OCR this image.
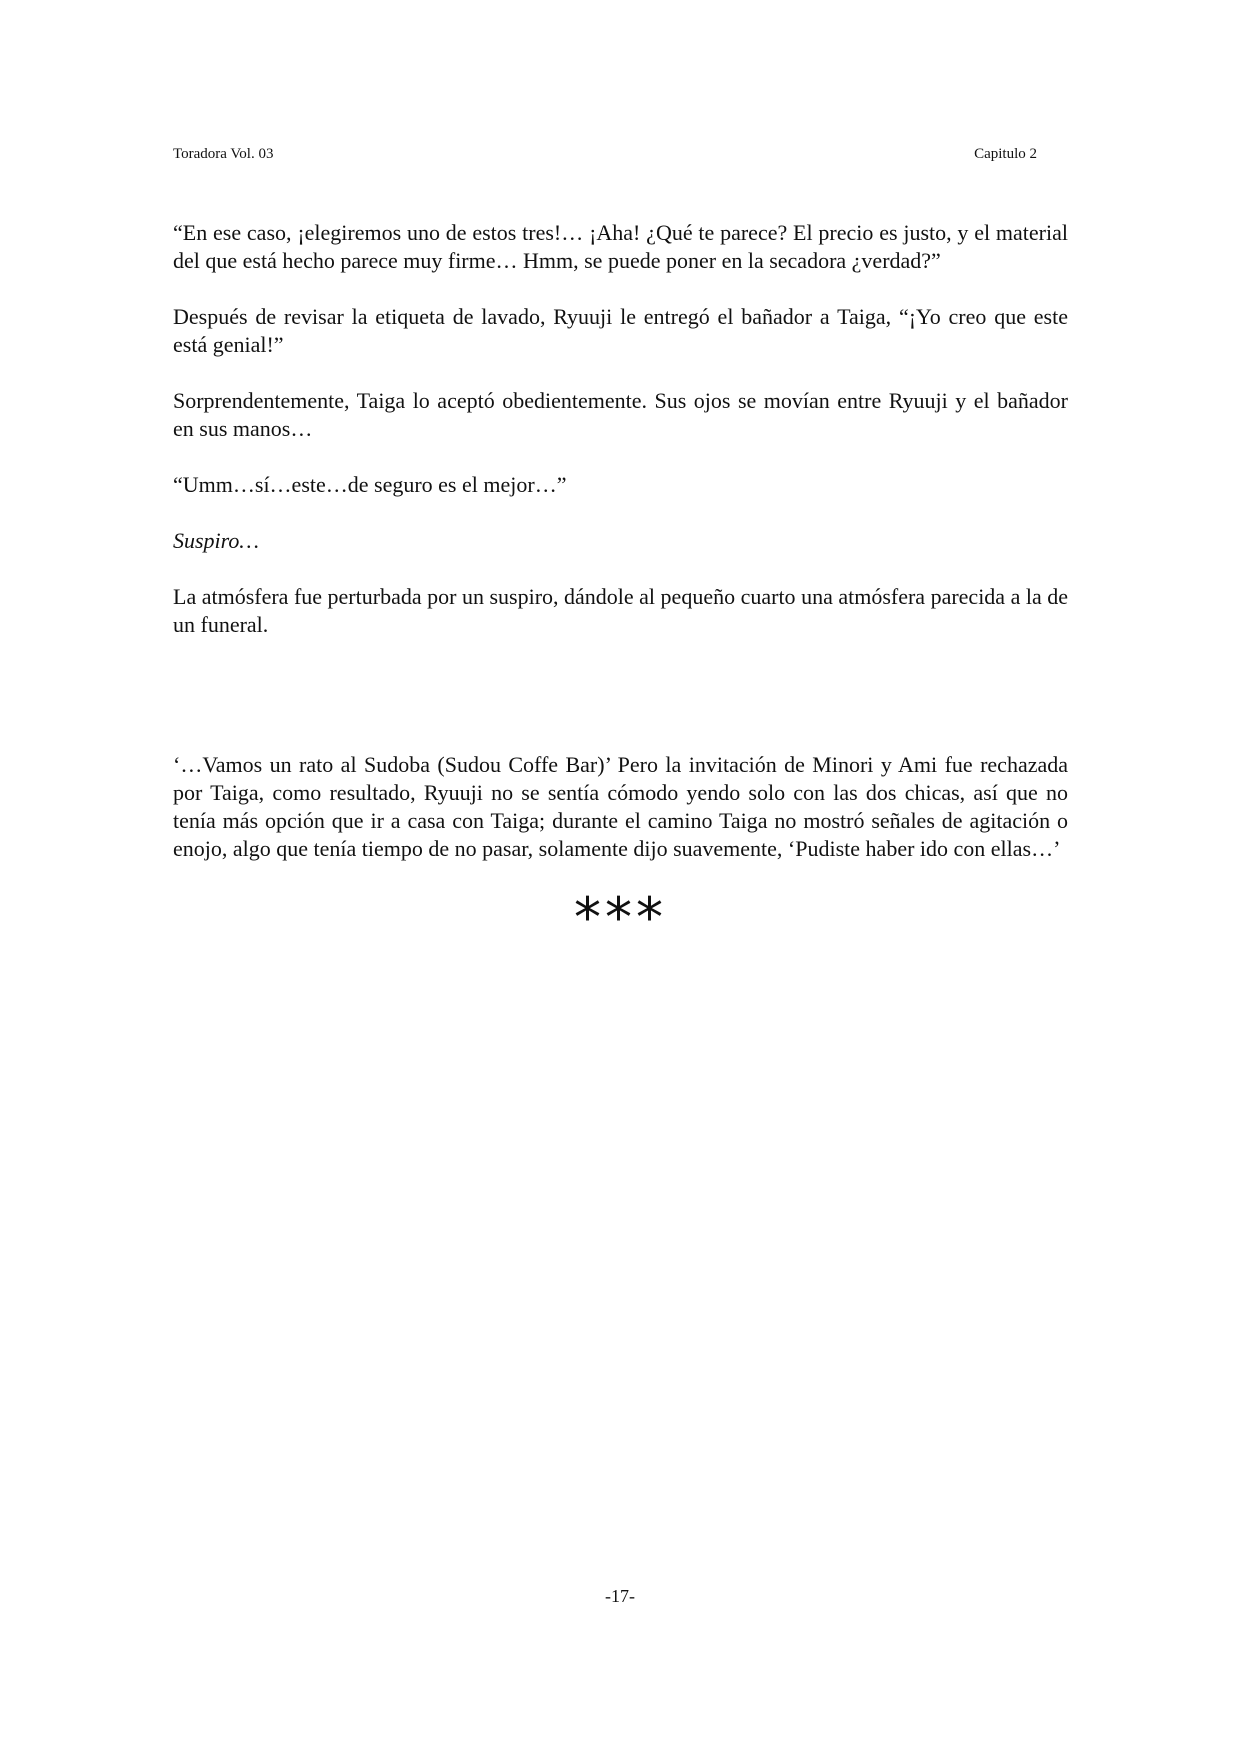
Toradora Vol. 03	Capitulo 2

“En ese caso, ¡elegiremos uno de estos tres!… ¡Aha! ¿Qué te parece? El precio es justo, y el material del que está hecho parece muy firme… Hmm, se puede poner en la secadora ¿verdad?”

Después de revisar la etiqueta de lavado, Ryuuji le entregó el bañador a Taiga, “¡Yo creo que este está genial!”

Sorprendentemente, Taiga lo aceptó obedientemente. Sus ojos se movían entre Ryuuji y el bañador en sus manos…

“Umm…sí…este…de seguro es el mejor…”

Suspiro…

La atmósfera fue perturbada por un suspiro, dándole al pequeño cuarto una atmósfera parecida a la de un funeral.

‘…Vamos un rato al Sudoba (Sudou Coffe Bar)’ Pero la invitación de Minori y Ami fue rechazada por Taiga, como resultado, Ryuuji no se sentía cómodo yendo solo con las dos chicas, así que no tenía más opción que ir a casa con Taiga; durante el camino Taiga no mostró señales de agitación o enojo, algo que tenía tiempo de no pasar, solamente dijo suavemente, ‘Pudiste haber ido con ellas…’

***
-17-
